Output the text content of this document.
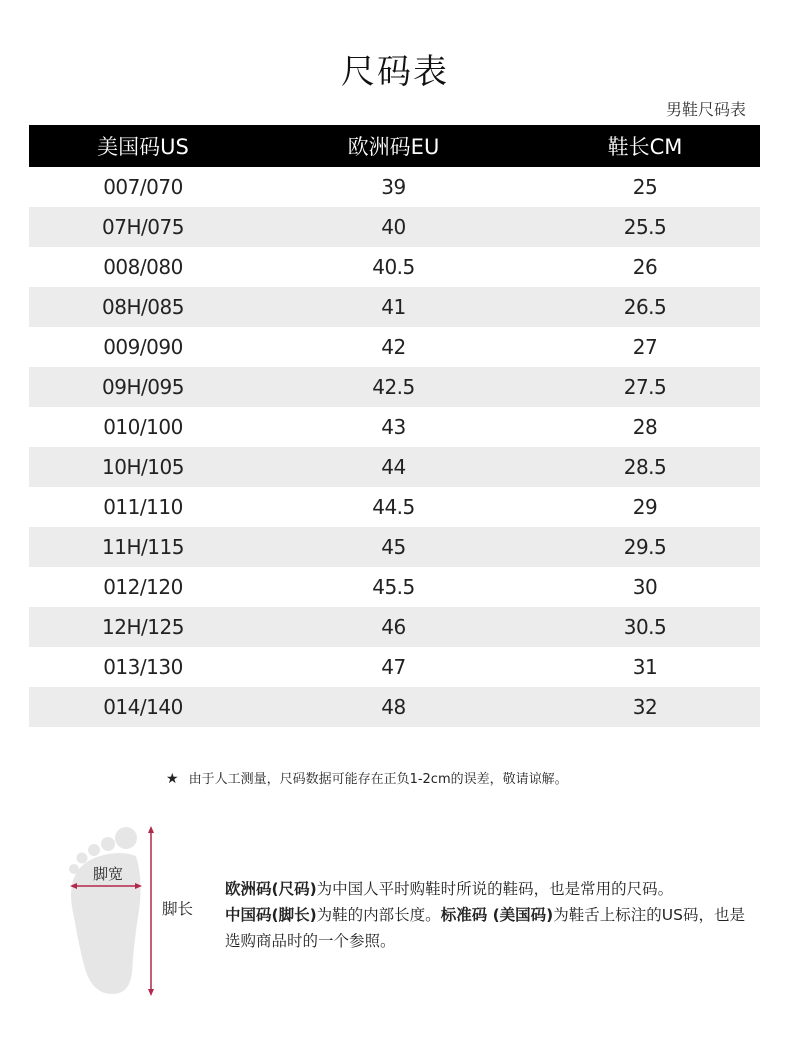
尺码表
男鞋尺码表
美国码US	欧洲码EU	鞋长CM
007/070	39	25
07H/075	40	25.5
008/080	40.5	26
08H/085	41	26.5
009/090	42	27
09H/095	42.5	27.5
010/100	43	28
10H/105	44	28.5
011/110	44.5	29
11H/115	45	29.5
012/120	45.5	30
12H/125	46	30.5
013/130	47	31
014/140	48	32
★ 由于人工测量，尺码数据可能存在正负1-2cm的误差，敬请谅解。
脚宽
脚长
欧洲码(尺码)为中国人平时购鞋时所说的鞋码，也是常用的尺码。
中国码(脚长)为鞋的内部长度。标准码 (美国码)为鞋舌上标注的US码，也是选购商品时的一个参照。
